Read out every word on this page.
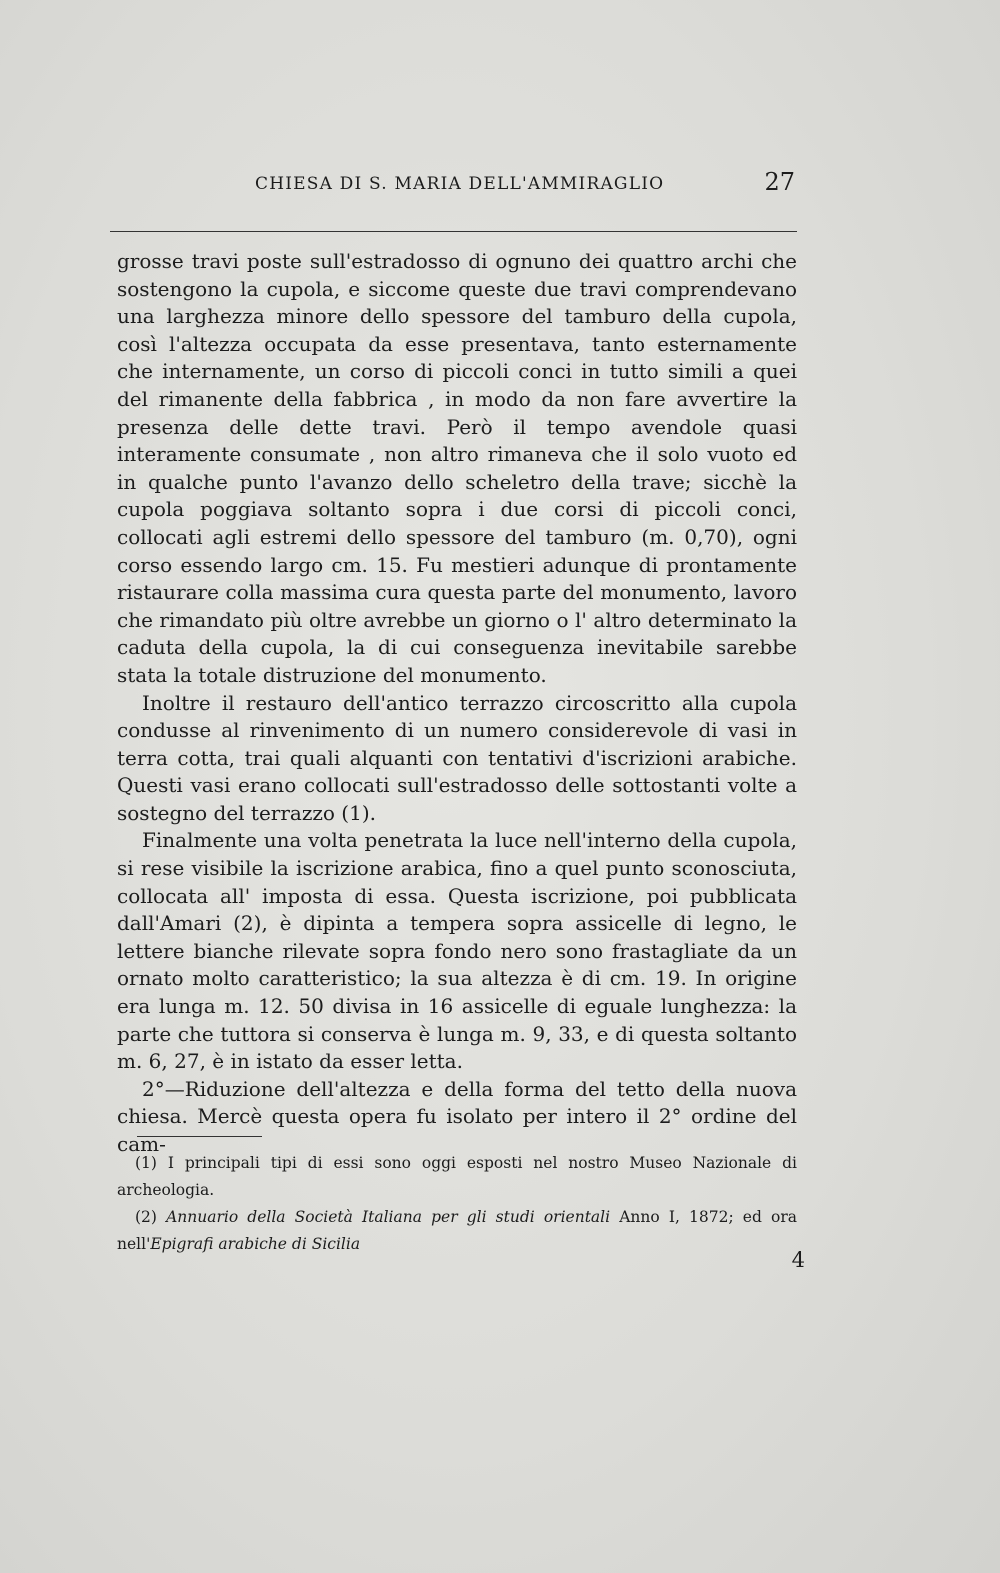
CHIESA DI S. MARIA DELL'AMMIRAGLIO	27

grosse travi poste sull'estradosso di ognuno dei quattro archi che sostengono la cupola, e siccome queste due travi comprendevano una larghezza minore dello spessore del tamburo della cupola, così l'altezza occupata da esse presentava, tanto esternamente che internamente, un corso di piccoli conci in tutto simili a quei del rimanente della fabbrica , in modo da non fare avvertire la presenza delle dette travi. Però il tempo avendole quasi interamente consumate , non altro rimaneva che il solo vuoto ed in qualche punto l'avanzo dello scheletro della trave; sicchè la cupola poggiava soltanto sopra i due corsi di piccoli conci, collocati agli estremi dello spessore del tamburo (m. 0,70), ogni corso essendo largo cm. 15. Fu mestieri adunque di prontamente ristaurare colla massima cura questa parte del monumento, lavoro che rimandato più oltre avrebbe un giorno o l' altro determinato la caduta della cupola, la di cui conseguenza inevitabile sarebbe stata la totale distruzione del monumento.

Inoltre il restauro dell'antico terrazzo circoscritto alla cupola condusse al rinvenimento di un numero considerevole di vasi in terra cotta, trai quali alquanti con tentativi d'iscrizioni arabiche. Questi vasi erano collocati sull'estradosso delle sottostanti volte a sostegno del terrazzo (1).

Finalmente una volta penetrata la luce nell'interno della cupola, si rese visibile la iscrizione arabica, fino a quel punto sconosciuta, collocata all' imposta di essa. Questa iscrizione, poi pubblicata dall'Amari (2), è dipinta a tempera sopra assicelle di legno, le lettere bianche rilevate sopra fondo nero sono frastagliate da un ornato molto caratteristico; la sua altezza è di cm. 19. In origine era lunga m. 12. 50 divisa in 16 assicelle di eguale lunghezza: la parte che tuttora si conserva è lunga m. 9, 33, e di questa soltanto m. 6, 27, è in istato da esser letta.

2°—Riduzione dell'altezza e della forma del tetto della nuova chiesa. Mercè questa opera fu isolato per intero il 2° ordine del cam-

(1) I principali tipi di essi sono oggi esposti nel nostro Museo Nazionale di archeologia.

(2) Annuario della Società Italiana per gli studi orientali Anno I, 1872; ed ora nell'Epigrafi arabiche di Sicilia

4
